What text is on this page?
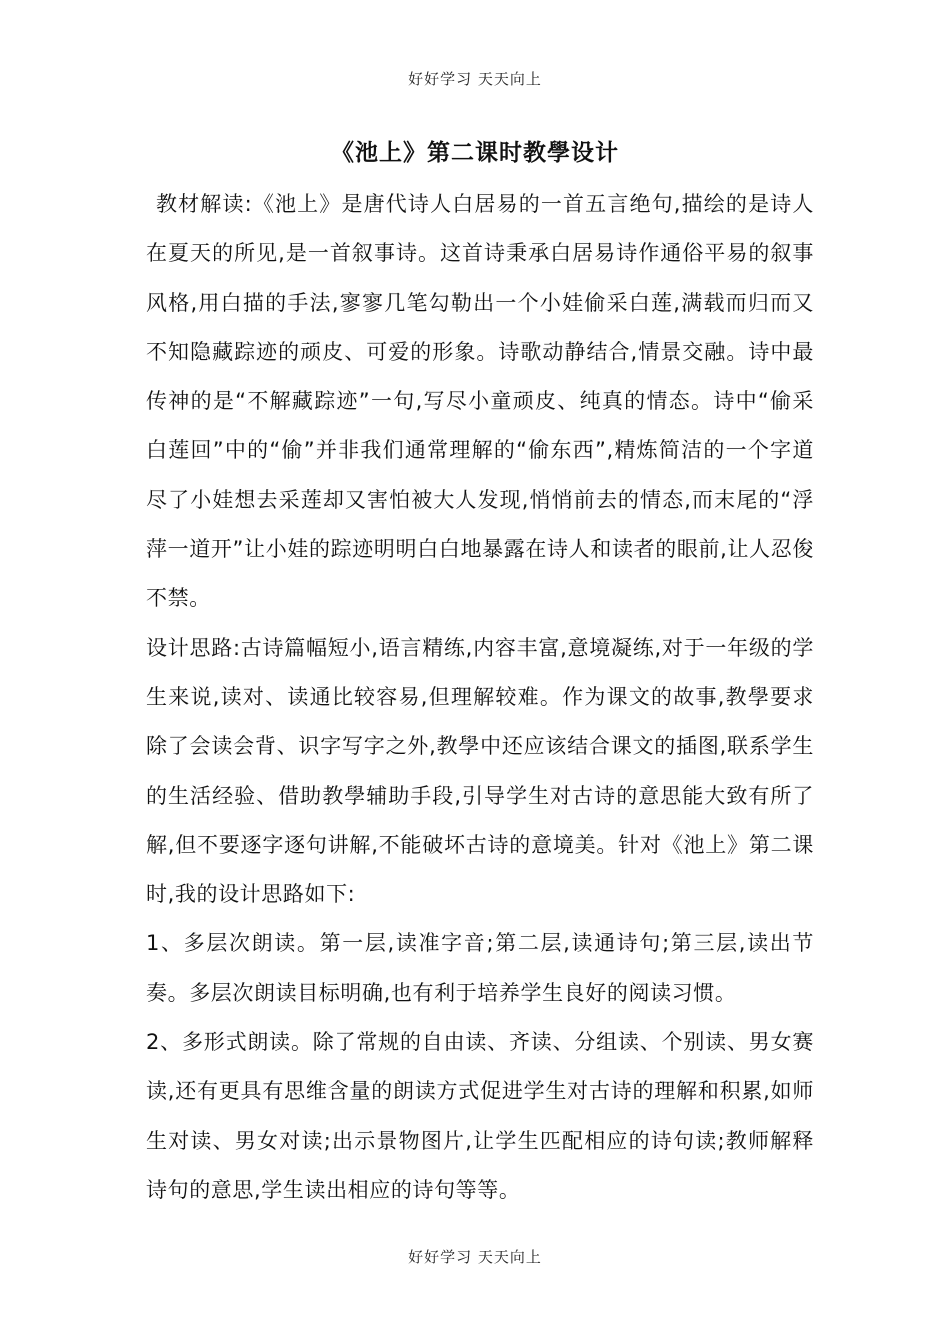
好好学习 天天向上
《池上》第二课时教學设计

教材解读:《池上》是唐代诗人白居易的一首五言绝句,描绘的是诗人在夏天的所见,是一首叙事诗。这首诗秉承白居易诗作通俗平易的叙事风格,用白描的手法,寥寥几笔勾勒出一个小娃偷采白莲,满载而归而又不知隐藏踪迹的顽皮、可爱的形象。诗歌动静结合,情景交融。诗中最传神的是“不解藏踪迹”一句,写尽小童顽皮、纯真的情态。诗中“偷采白莲回”中的“偷”并非我们通常理解的“偷东西”,精炼简洁的一个字道尽了小娃想去采莲却又害怕被大人发现,悄悄前去的情态,而末尾的“浮萍一道开”让小娃的踪迹明明白白地暴露在诗人和读者的眼前,让人忍俊不禁。

设计思路:古诗篇幅短小,语言精练,内容丰富,意境凝练,对于一年级的学生来说,读对、读通比较容易,但理解较难。作为课文的故事,教學要求除了会读会背、识字写字之外,教學中还应该结合课文的插图,联系学生的生活经验、借助教學辅助手段,引导学生对古诗的意思能大致有所了解,但不要逐字逐句讲解,不能破坏古诗的意境美。针对《池上》第二课时,我的设计思路如下:

1、多层次朗读。第一层,读准字音;第二层,读通诗句;第三层,读出节奏。多层次朗读目标明确,也有利于培养学生良好的阅读习惯。

2、多形式朗读。除了常规的自由读、齐读、分组读、个别读、男女赛读,还有更具有思维含量的朗读方式促进学生对古诗的理解和积累,如师生对读、男女对读;出示景物图片,让学生匹配相应的诗句读;教师解释诗句的意思,学生读出相应的诗句等等。

好好学习 天天向上
